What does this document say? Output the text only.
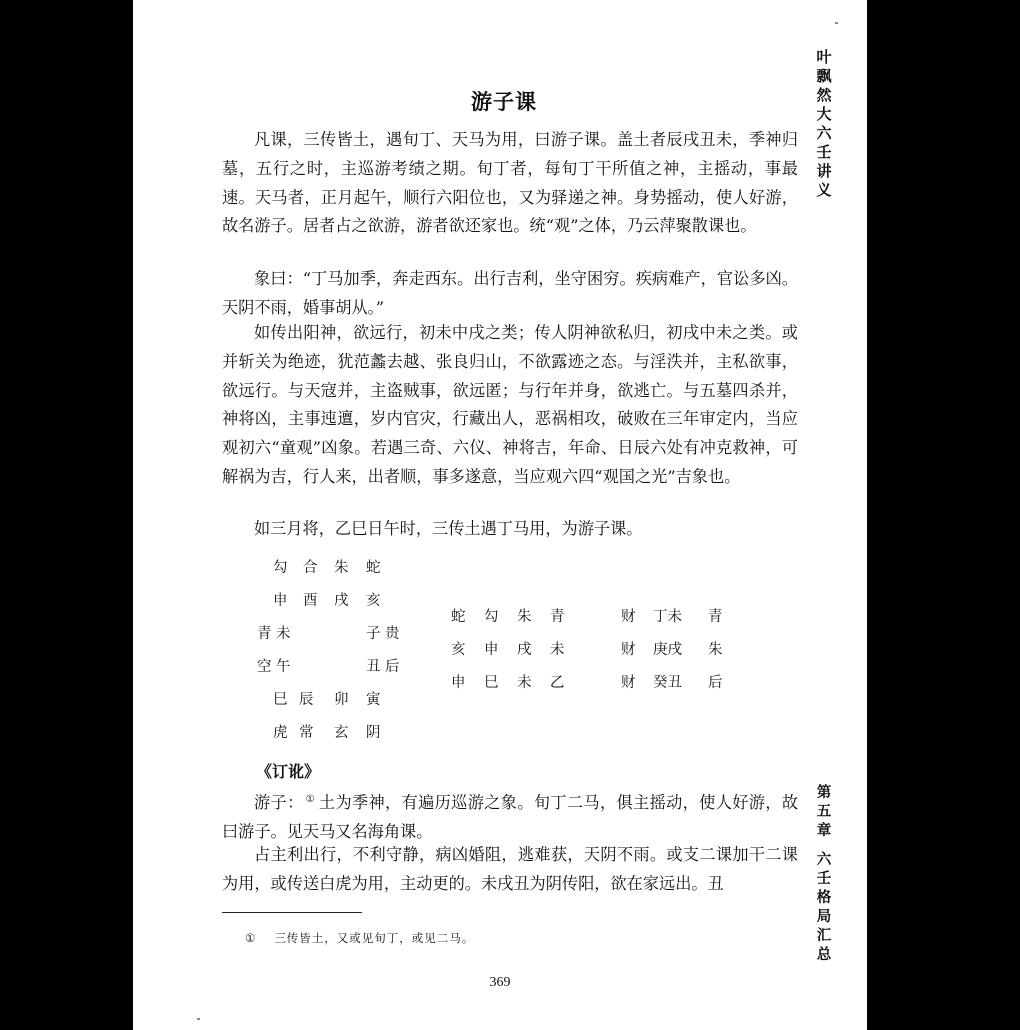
叶飘然大六壬讲义
第五章
六壬格局汇总
游子课

凡课，三传皆土，遇旬丁、天马为用，曰游子课。盖土者辰戌丑未，季神归墓，五行之时，主巡游考绩之期。旬丁者，每旬丁干所值之神，主摇动，事最速。天马者，正月起午，顺行六阳位也，又为驿递之神。身势摇动，使人好游，故名游子。居者占之欲游，游者欲还家也。统“观”之体，乃云萍聚散课也。

象曰：“丁马加季，奔走西东。出行吉利，坐守困穷。疾病难产，官讼多凶。天阴不雨，婚事胡从。”

如传出阳神，欲远行，初未中戌之类；传人阴神欲私归，初戌中未之类。或并斩关为绝迹，犹范蠡去越、张良归山，不欲露迹之态。与淫泆并，主私欲事，欲远行。与天寇并，主盗贼事，欲远匿；与行年并身，欲逃亡。与五墓四杀并，神将凶，主事迍邅，岁内官灾，行藏出人，恶祸相攻，破败在三年审定内，当应观初六“童观”凶象。若遇三奇、六仪、神将吉，年命、日辰六处有冲克救神，可解祸为吉，行人来，出者顺，事多遂意，当应观六四“观国之光”吉象也。

如三月将，乙巳日午时，三传土遇丁马用，为游子课。

勾 合 朱 蛇
申 酉 戌 亥
青 未	子 贵
空 午	丑 后
巳 辰 卯 寅
虎 常 玄 阴
蛇 勾 朱 青
亥 申 戌 未
申 巳 未 乙
财 丁未 青
财 庚戌 朱
财 癸丑 后
《订讹》

游子： ① 土为季神，有遍历巡游之象。旬丁二马，俱主摇动，使人好游，故曰游子。见天马又名海角课。

占主利出行，不利守静，病凶婚阻，逃难获，天阴不雨。或支二课加干二课为用，或传送白虎为用，主动更的。未戌丑为阴传阳，欲在家远出。丑

① 三传皆土，又或见旬丁，或见二马。
369
